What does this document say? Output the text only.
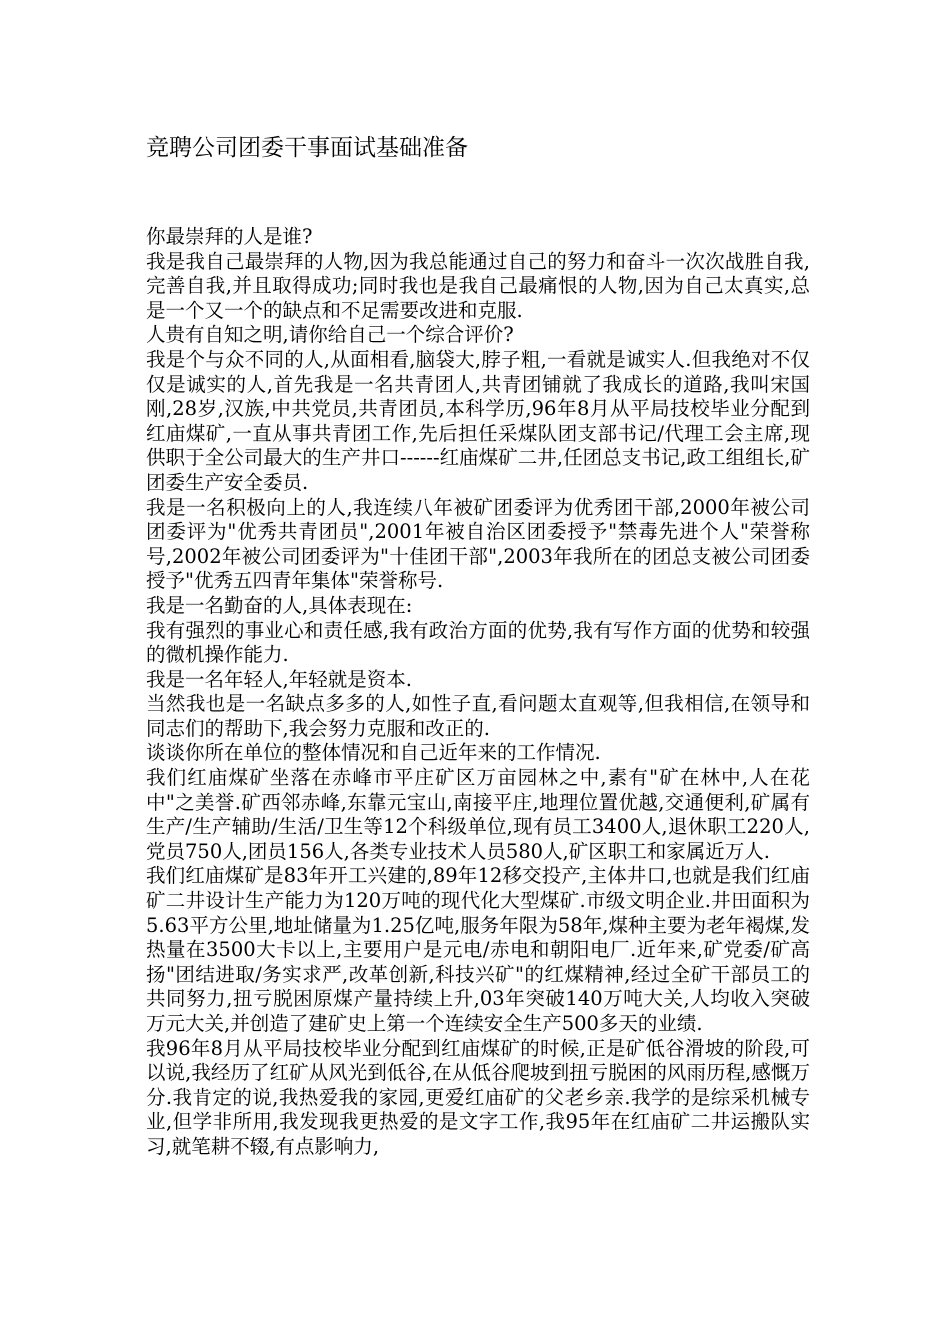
竞聘公司团委干事面试基础准备

你最崇拜的人是谁?

我是我自己最崇拜的人物,因为我总能通过自己的努力和奋斗一次次战胜自我,完善自我,并且取得成功;同时我也是我自己最痛恨的人物,因为自己太真实,总是一个又一个的缺点和不足需要改进和克服.

人贵有自知之明,请你给自己一个综合评价?

我是个与众不同的人,从面相看,脑袋大,脖子粗,一看就是诚实人.但我绝对不仅仅是诚实的人,首先我是一名共青团人,共青团铺就了我成长的道路,我叫宋国刚,28岁,汉族,中共党员,共青团员,本科学历,96年8月从平局技校毕业分配到红庙煤矿,一直从事共青团工作,先后担任采煤队团支部书记/代理工会主席,现供职于全公司最大的生产井口------红庙煤矿二井,任团总支书记,政工组组长,矿团委生产安全委员.

我是一名积极向上的人,我连续八年被矿团委评为优秀团干部,2000年被公司团委评为"优秀共青团员",2001年被自治区团委授予"禁毒先进个人"荣誉称号,2002年被公司团委评为"十佳团干部",2003年我所在的团总支被公司团委授予"优秀五四青年集体"荣誉称号.

我是一名勤奋的人,具体表现在:

我有强烈的事业心和责任感,我有政治方面的优势,我有写作方面的优势和较强的微机操作能力.

我是一名年轻人,年轻就是资本.

当然我也是一名缺点多多的人,如性子直,看问题太直观等,但我相信,在领导和同志们的帮助下,我会努力克服和改正的.

谈谈你所在单位的整体情况和自己近年来的工作情况.

我们红庙煤矿坐落在赤峰市平庄矿区万亩园林之中,素有"矿在林中,人在花中"之美誉.矿西邻赤峰,东靠元宝山,南接平庄,地理位置优越,交通便利,矿属有生产/生产辅助/生活/卫生等12个科级单位,现有员工3400人,退休职工220人,党员750人,团员156人,各类专业技术人员580人,矿区职工和家属近万人.

我们红庙煤矿是83年开工兴建的,89年12移交投产,主体井口,也就是我们红庙矿二井设计生产能力为120万吨的现代化大型煤矿.市级文明企业.井田面积为5.63平方公里,地址储量为1.25亿吨,服务年限为58年,煤种主要为老年褐煤,发热量在3500大卡以上,主要用户是元电/赤电和朝阳电厂.近年来,矿党委/矿高扬"团结进取/务实求严,改革创新,科技兴矿"的红煤精神,经过全矿干部员工的共同努力,扭亏脱困原煤产量持续上升,03年突破140万吨大关,人均收入突破万元大关,并创造了建矿史上第一个连续安全生产500多天的业绩.

我96年8月从平局技校毕业分配到红庙煤矿的时候,正是矿低谷滑坡的阶段,可以说,我经历了红矿从风光到低谷,在从低谷爬坡到扭亏脱困的风雨历程,感慨万分.我肯定的说,我热爱我的家园,更爱红庙矿的父老乡亲.我学的是综采机械专业,但学非所用,我发现我更热爱的是文字工作,我95年在红庙矿二井运搬队实习,就笔耕不辍,有点影响力,
